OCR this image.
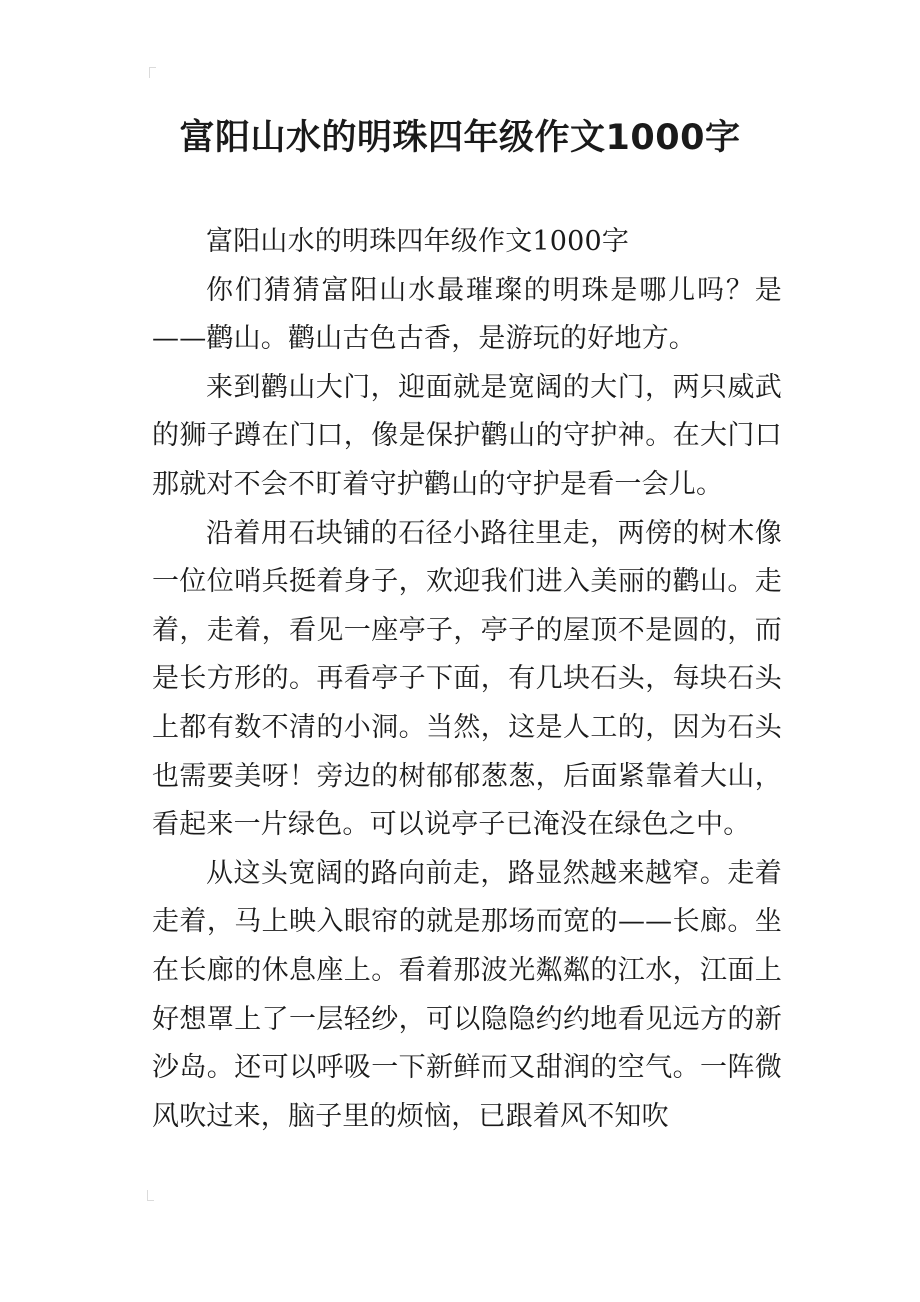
富阳山水的明珠四年级作文1000字

富阳山水的明珠四年级作文1000字

你们猜猜富阳山水最璀璨的明珠是哪儿吗？是——鹳山。鹳山古色古香，是游玩的好地方。

来到鹳山大门，迎面就是宽阔的大门，两只威武的狮子蹲在门口，像是保护鹳山的守护神。在大门口那就对不会不盯着守护鹳山的守护是看一会儿。

沿着用石块铺的石径小路往里走，两傍的树木像一位位哨兵挺着身子，欢迎我们进入美丽的鹳山。走着，走着，看见一座亭子，亭子的屋顶不是圆的，而是长方形的。再看亭子下面，有几块石头，每块石头上都有数不清的小洞。当然，这是人工的，因为石头也需要美呀！旁边的树郁郁葱葱，后面紧靠着大山，看起来一片绿色。可以说亭子已淹没在绿色之中。

从这头宽阔的路向前走，路显然越来越窄。走着走着，马上映入眼帘的就是那场而宽的——长廊。坐在长廊的休息座上。看着那波光粼粼的江水，江面上好想罩上了一层轻纱，可以隐隐约约地看见远方的新沙岛。还可以呼吸一下新鲜而又甜润的空气。一阵微风吹过来，脑子里的烦恼，已跟着风不知吹
